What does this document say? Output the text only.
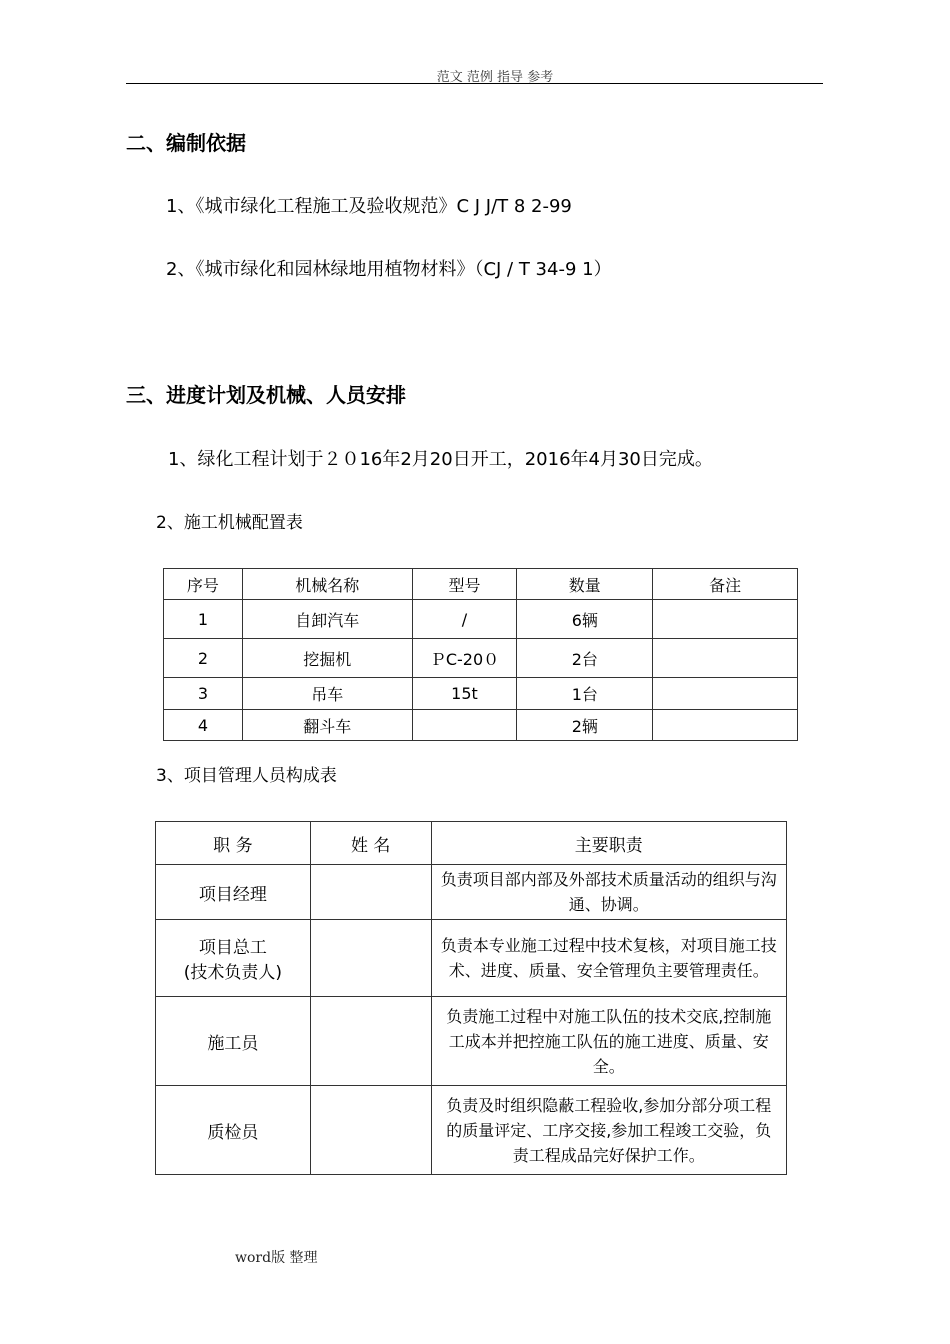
范文 范例 指导 参考
二、编制依据
1、《城市绿化工程施工及验收规范》C J J/T 8 2-99
2、《城市绿化和园林绿地用植物材料》（CJ / T 34-9 1）
三、进度计划及机械、人员安排
1、绿化工程计划于２０16年2月20日开工，2016年4月30日完成。
2、施工机械配置表
序号	机械名称	型号	数量	备注
1	自卸汽车	/	6辆	
2	挖掘机	ＰC-20０	2台	
3	吊车	15t	1台	
4	翻斗车		2辆	
3、项目管理人员构成表
职 务	姓 名	主要职责

项目经理		负责项目部内部及外部技术质量活动的组织与沟通、协调。

项目总工
(技术负责人)		负责本专业施工过程中技术复核，对项目施工技术、进度、质量、安全管理负主要管理责任。

施工员		负责施工过程中对施工队伍的技术交底,控制施工成本并把控施工队伍的施工进度、质量、安全。

质检员		负责及时组织隐蔽工程验收,参加分部分项工程的质量评定、工序交接,参加工程竣工交验，负责工程成品完好保护工作。
word版 整理
